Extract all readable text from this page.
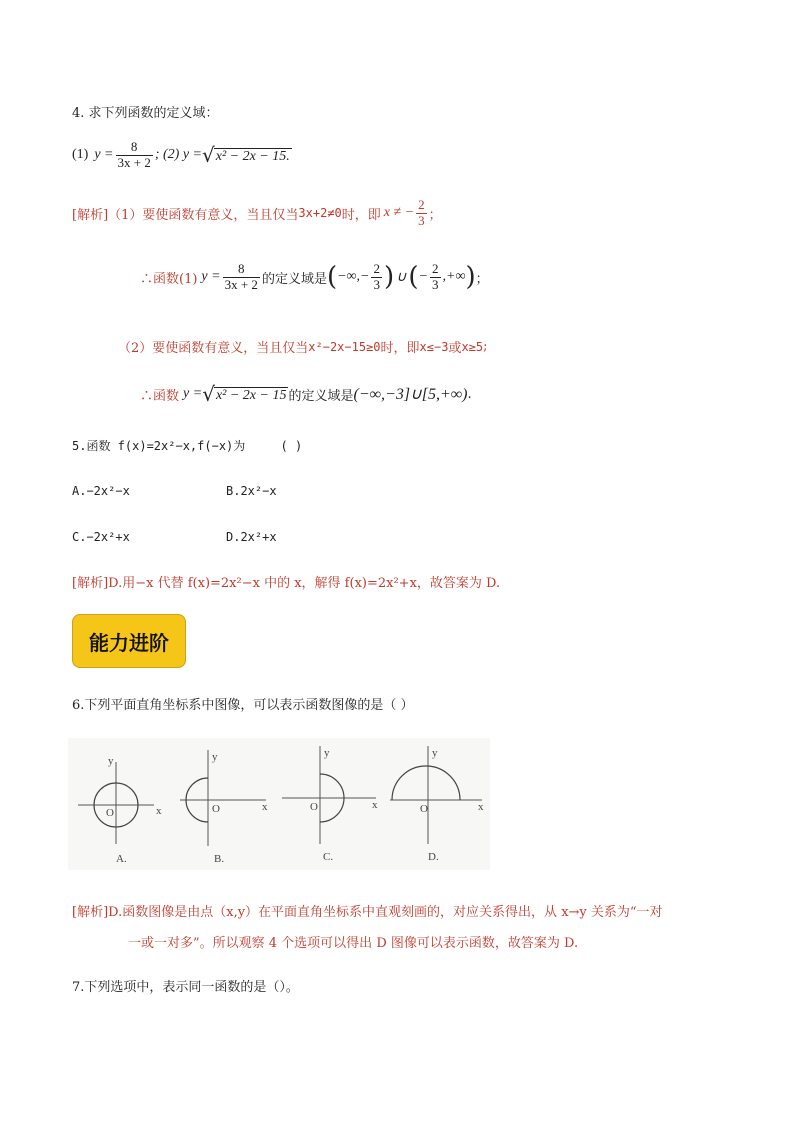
4. 求下列函数的定义域：
(1) $y = \frac{8}{3x + 2}$ ; (2) y = √ x² − 2x − 15.
[解析]（1）要使函数有意义，当且仅当 3x+2≠0 时，即 x ≠ − $\frac{2}{3}$ ；
∴函数(1) $y = \frac{8}{3x + 2}$ 的定义域是 ( −∞,− $\frac{2}{3}$ ) ∪ ( − $\frac{2}{3}$ ,+∞ ) ；
（2）要使函数有意义，当且仅当 x²−2x−15≥0 时，即 x≤−3 或 x≥5 ;
∴函数 y = √ x² − 2x − 15 的定义域是 (−∞,−3]∪[5,+∞) .
5.函数 f(x)=2x²−x,f(−x)为	( )
A.−2x²−x	B.2x²−x
C.−2x²+x	D.2x²+x
[解析]D.用−x 代替 f(x)=2x²−x 中的 x，解得 f(x)=2x²+x，故答案为 D.
能力进阶
6.下列平面直角坐标系中图像，可以表示函数图像的是（ ）
y
x
O
A.
y
x
O
B.
y
x
O
C.
y
x
O
D.
[解析]D.函数图像是由点（x,y）在平面直角坐标系中直观刻画的，对应关系得出，从 x→y 关系为“一对
一或一对多”。所以观察 4 个选项可以得出 D 图像可以表示函数，故答案为 D.
7.下列选项中，表示同一函数的是（）。
